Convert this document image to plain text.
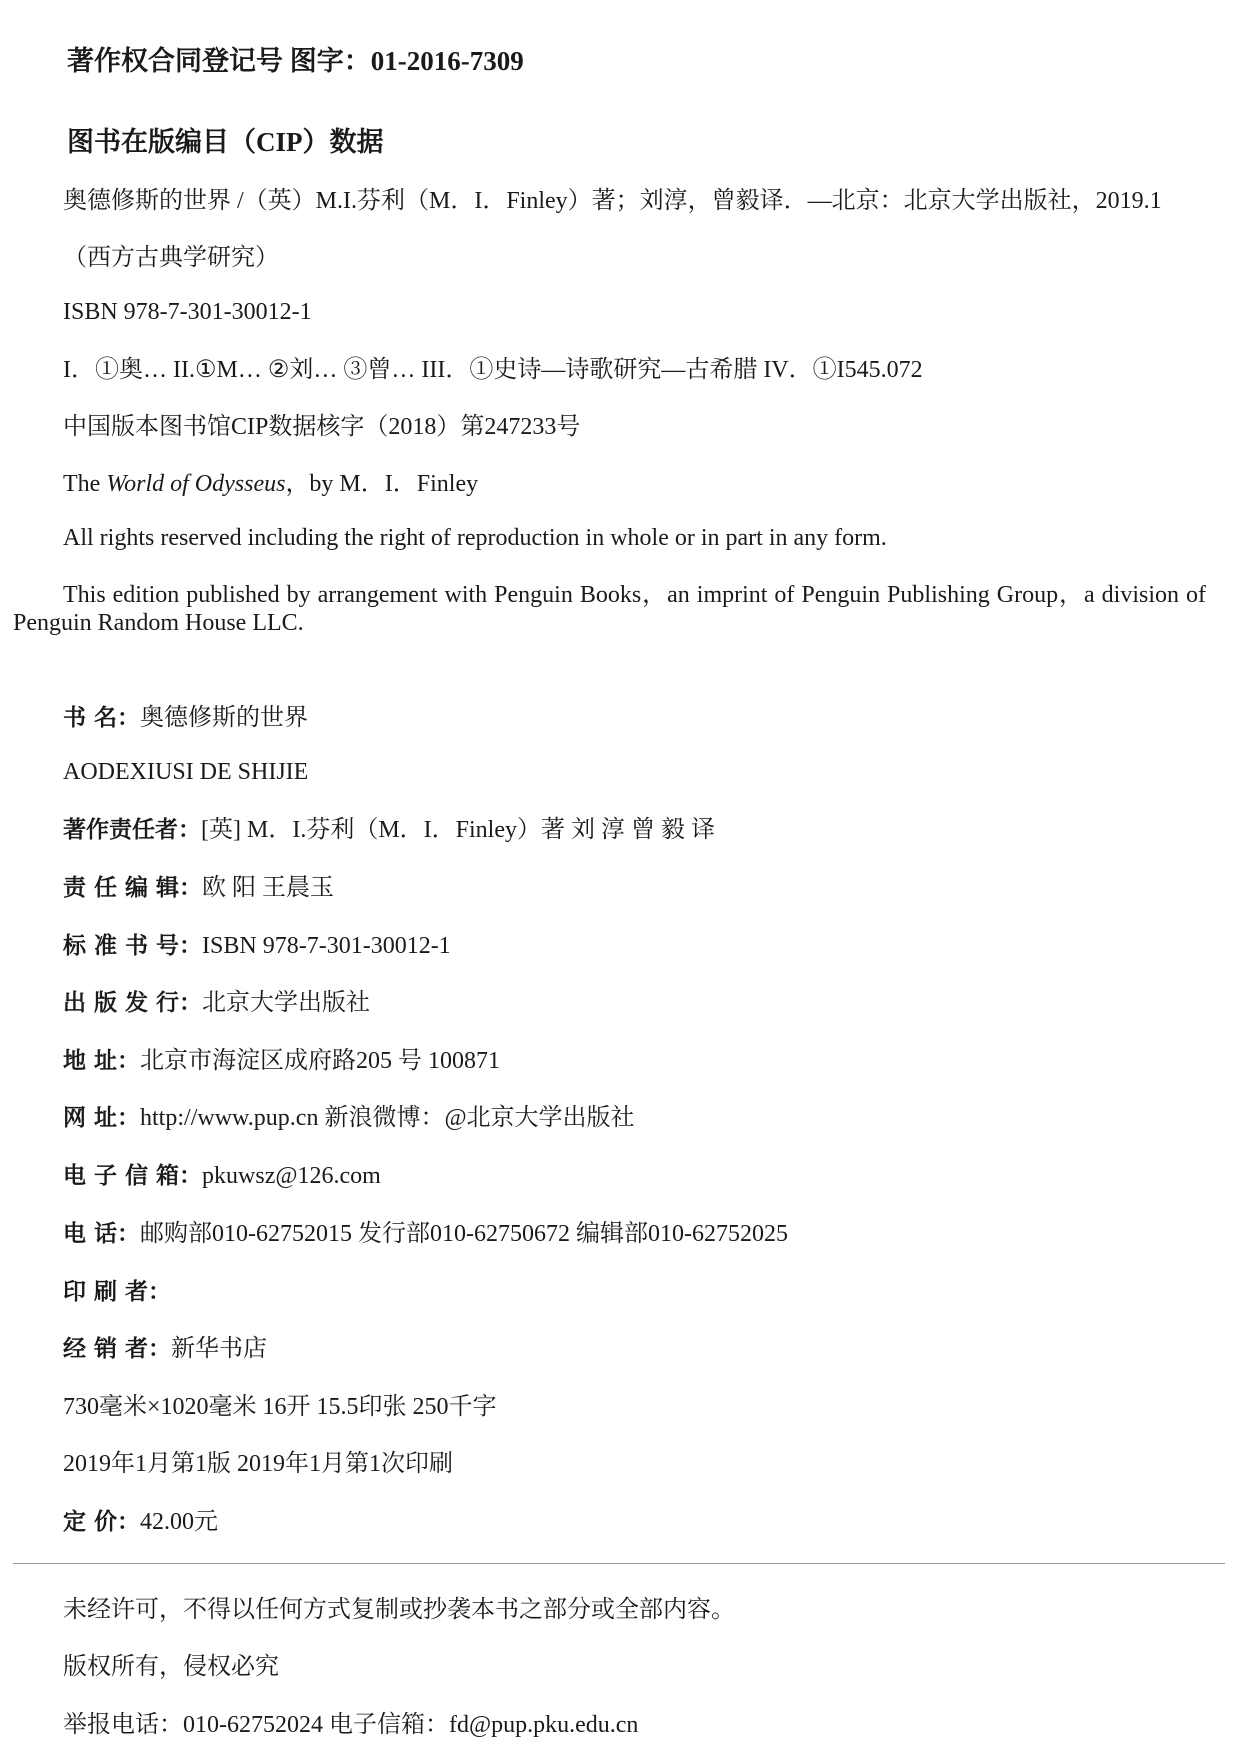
著作权合同登记号 图字：01-2016-7309
图书在版编目（CIP）数据
奥德修斯的世界 /（英）M.I.芬利（M．I．Finley）著；刘淳，曾毅译．—北京：北京大学出版社，2019.1
（西方古典学研究）
ISBN 978-7-301-30012-1
I．①奥… II.①M… ②刘… ③曾… III．①史诗—诗歌研究—古希腊 IV．①I545.072
中国版本图书馆CIP数据核字（2018）第247233号
The World of Odysseus，by M．I．Finley
All rights reserved including the right of reproduction in whole or in part in any form.
This edition published by arrangement with Penguin Books，an imprint of Penguin Publishing Group，a division of Penguin Random House LLC.
书 名：奥德修斯的世界
AODEXIUSI DE SHIJIE
著作责任者：[英] M．I.芬利（M．I．Finley）著 刘 淳 曾 毅 译
责 任 编 辑：欧 阳 王晨玉
标 准 书 号：ISBN 978-7-301-30012-1
出 版 发 行：北京大学出版社
地 址：北京市海淀区成府路205 号 100871
网 址：http://www.pup.cn 新浪微博：@北京大学出版社
电 子 信 箱：pkuwsz@126.com
电 话：邮购部010-62752015 发行部010-62750672 编辑部010-62752025
印 刷 者：
经 销 者：新华书店
730毫米×1020毫米 16开 15.5印张 250千字
2019年1月第1版 2019年1月第1次印刷
定 价：42.00元
未经许可，不得以任何方式复制或抄袭本书之部分或全部内容。
版权所有，侵权必究
举报电话：010-62752024 电子信箱：fd@pup.pku.edu.cn
